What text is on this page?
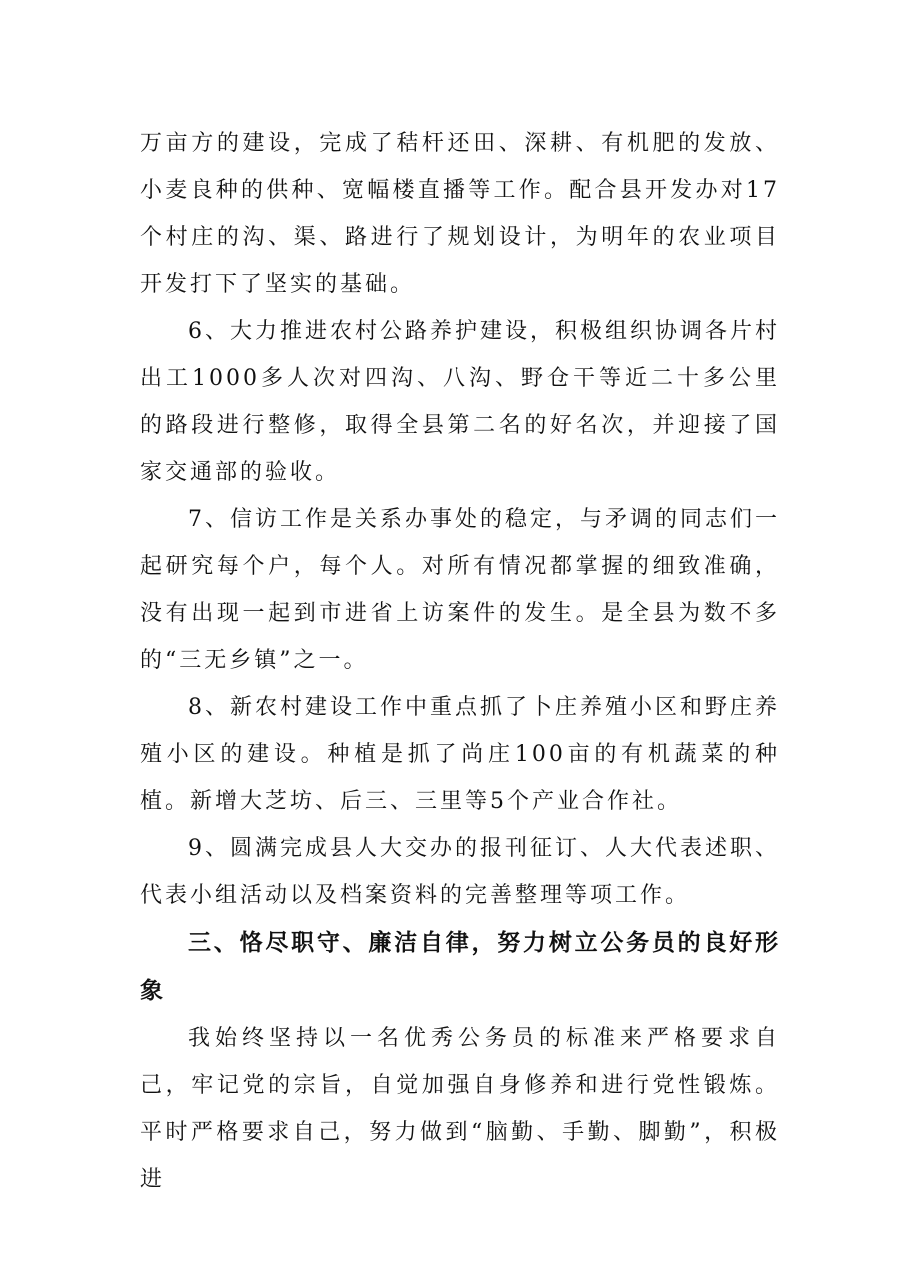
万亩方的建设，完成了秸杆还田、深耕、有机肥的发放、小麦良种的供种、宽幅楼直播等工作。配合县开发办对17个村庄的沟、渠、路进行了规划设计，为明年的农业项目开发打下了坚实的基础。

6、大力推进农村公路养护建设，积极组织协调各片村出工1000多人次对四沟、八沟、野仓干等近二十多公里的路段进行整修，取得全县第二名的好名次，并迎接了国家交通部的验收。

7、信访工作是关系办事处的稳定，与矛调的同志们一起研究每个户，每个人。对所有情况都掌握的细致准确，没有出现一起到市进省上访案件的发生。是全县为数不多的“三无乡镇”之一。

8、新农村建设工作中重点抓了卜庄养殖小区和野庄养殖小区的建设。种植是抓了尚庄100亩的有机蔬菜的种植。新增大芝坊、后三、三里等5个产业合作社。

9、圆满完成县人大交办的报刊征订、人大代表述职、代表小组活动以及档案资料的完善整理等项工作。

三、恪尽职守、廉洁自律，努力树立公务员的良好形象

我始终坚持以一名优秀公务员的标准来严格要求自己，牢记党的宗旨，自觉加强自身修养和进行党性锻炼。平时严格要求自己，努力做到“脑勤、手勤、脚勤”，积极进
